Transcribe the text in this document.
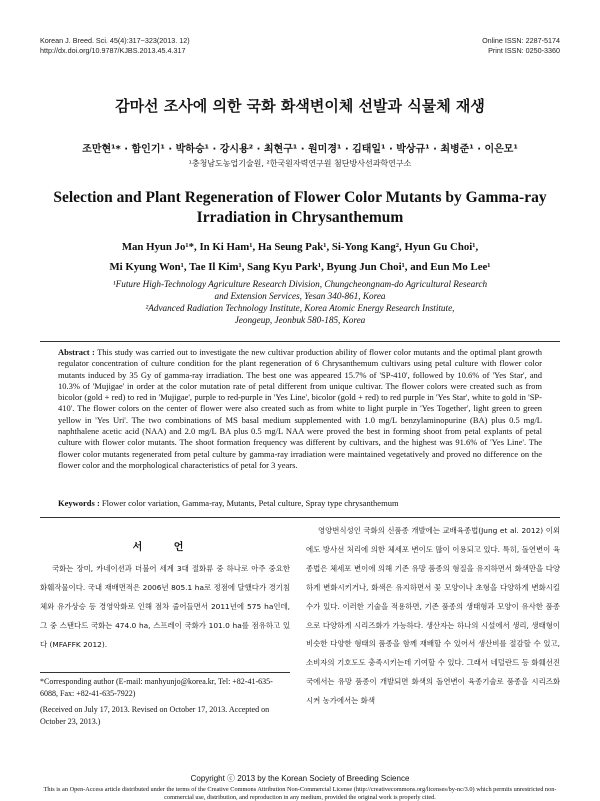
Korean J. Breed. Sci. 45(4):317~323(2013. 12)
http://dx.doi.org/10.9787/KJBS.2013.45.4.317
Online ISSN: 2287-5174
Print ISSN: 0250-3360
감마선 조사에 의한 국화 화색변이체 선발과 식물체 재생
조만현¹* · 함인기¹ · 박하승¹ · 강시용² · 최현구¹ · 원미경¹ · 김태일¹ · 박상규¹ · 최병준¹ · 이은모¹
¹충청남도농업기술원, ²한국원자력연구원 첨단방사선과학연구소
Selection and Plant Regeneration of Flower Color Mutants by Gamma-ray Irradiation in Chrysanthemum
Man Hyun Jo¹*, In Ki Ham¹, Ha Seung Pak¹, Si-Yong Kang², Hyun Gu Choi¹,
Mi Kyung Won¹, Tae Il Kim¹, Sang Kyu Park¹, Byung Jun Choi¹, and Eun Mo Lee¹
¹Future High-Technology Agriculture Research Division, Chungcheongnam-do Agricultural Research
and Extension Services, Yesan 340-861, Korea
²Advanced Radiation Technology Institute, Korea Atomic Energy Research Institute,
Jeongeup, Jeonbuk 580-185, Korea
Abstract : This study was carried out to investigate the new cultivar production ability of flower color mutants and the optimal plant growth regulator concentration of culture condition for the plant regeneration of 6 Chrysanthemum cultivars using petal culture with flower color mutants induced by 35 Gy of gamma-ray irradiation. The best one was appeared 15.7% of 'SP-410', followed by 10.6% of 'Yes Star', and 10.3% of 'Mujigae' in order at the color mutation rate of petal different from unique cultivar. The flower colors were created such as from bicolor (gold + red) to red in 'Mujigae', purple to red-purple in 'Yes Line', bicolor (gold + red) to red purple in 'Yes Star', white to gold in 'SP-410'. The flower colors on the center of flower were also created such as from white to light purple in 'Yes Together', light green to green yellow in 'Yes Uri'. The two combinations of MS basal medium supplemented with 1.0 mg/L benzylaminopurine (BA) plus 0.5 mg/L naphthalene acetic acid (NAA) and 2.0 mg/L BA plus 0.5 mg/L NAA were proved the best in forming shoot from petal explants of petal culture with flower color mutants. The shoot formation frequency was different by cultivars, and the highest was 91.6% of 'Yes Line'. The flower color mutants regenerated from petal culture by gamma-ray irradiation were maintained vegetatively and proved no difference on the flower color and the morphological characteristics of petal for 3 years.
Keywords : Flower color variation, Gamma-ray, Mutants, Petal culture, Spray type chrysanthemum
서 언
국화는 장미, 카네이션과 더불어 세계 3대 절화류 중 하나로 아주 중요한 화훼작물이다. 국내 재배면적은 2006년 805.1 ha로 정점에 달했다가 경기침체와 유가상승 등 경영악화로 인해 점차 줄어들면서 2011년에 575 ha인데, 그 중 스탠다드 국화는 474.0 ha, 스프레이 국화가 101.0 ha를 점유하고 있다 (MFAFFK 2012).
영양번식성인 국화의 신품종 개발에는 교배육종법(Jung et al. 2012) 이외에도 방사선 처리에 의한 체세포 변이도 많이 이용되고 있다. 특히, 돌연변이 육종법은 체세포 변이에 의해 기존 유망 품종의 형질을 유지하면서 화색만을 다양하게 변화시키거나, 화색은 유지하면서 꽃 모양이나 초형을 다양하게 변화시킬 수가 있다. 이러한 기술을 적용하면, 기존 품종의 생태형과 모양이 유사한 품종으로 다양하게 시리즈화가 가능하다. 생산자는 하나의 시설에서 생리, 생태형이 비슷한 다양한 형태의 품종을 함께 재배할 수 있어서 생산비를 절감할 수 있고, 소비자의 기호도도 충족시키는데 기여할 수 있다. 그래서 네덜란드 등 화훼선진국에서는 유망 품종이 개발되면 화색의 돌연변이 육종기술로 품종을 시리즈화시켜 농가에서는 화색
*Corresponding author (E-mail: manhyunjo@korea.kr, Tel: +82-41-635-6088, Fax: +82-41-635-7922)
(Received on July 17, 2013. Revised on October 17, 2013. Accepted on October 23, 2013.)
Copyright ⓒ 2013 by the Korean Society of Breeding Science
This is an Open-Access article distributed under the terms of the Creative Commons Attribution Non-Commercial License (http://creativecommons.org/licenses/by-nc/3.0) which permits unrestricted non-commercial use, distribution, and reproduction in any medium, provided the original work is properly cited.
